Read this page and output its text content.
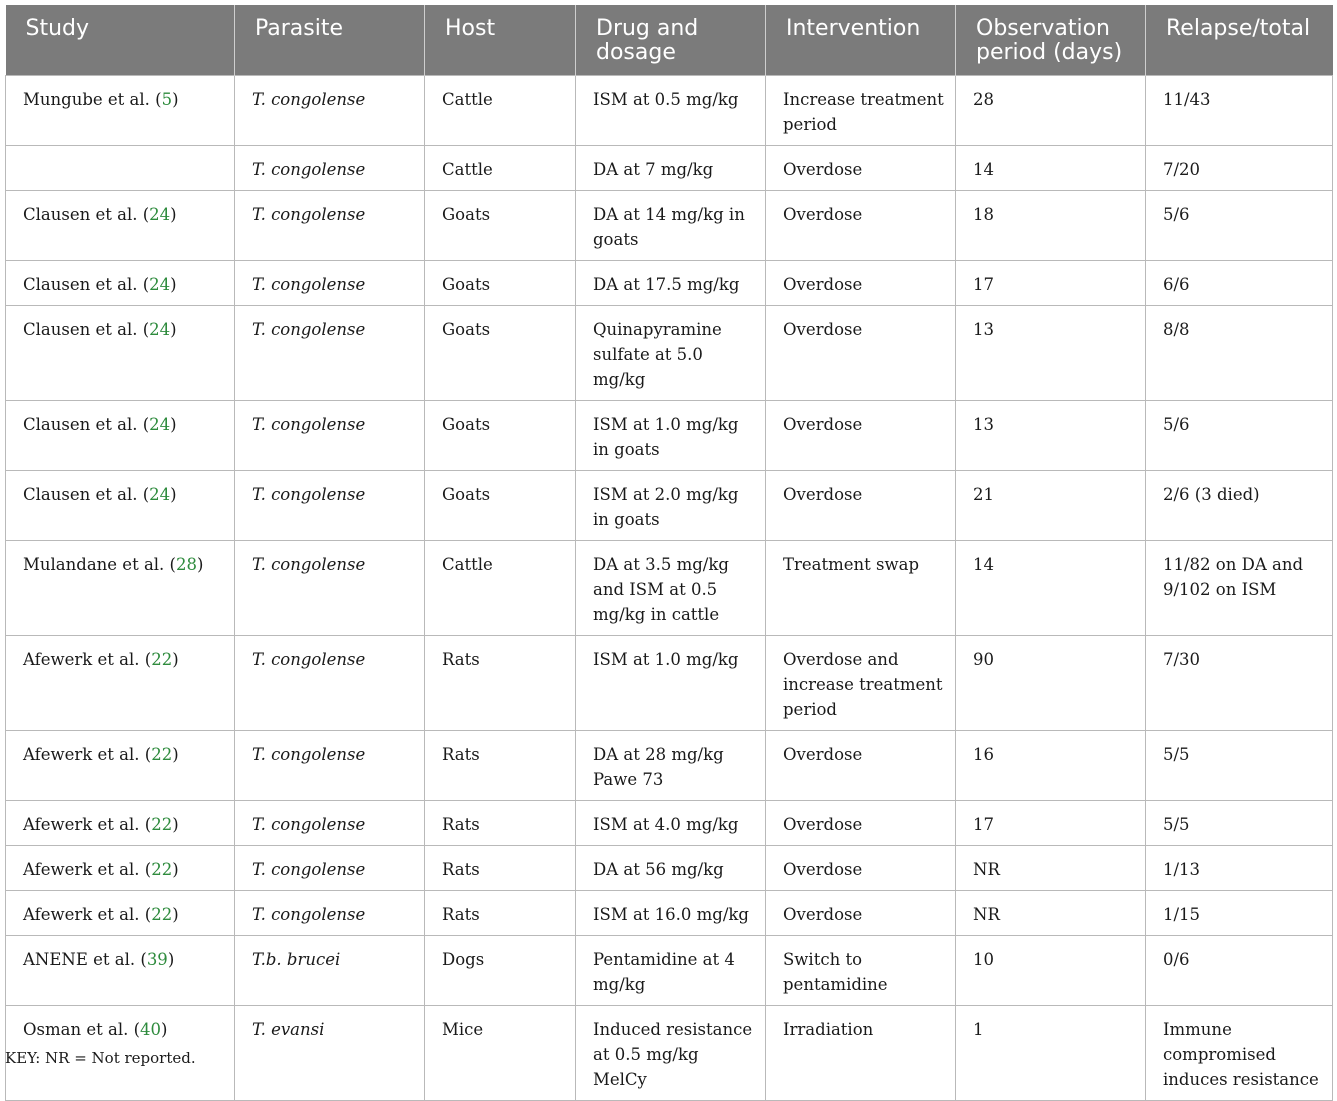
Study	Parasite	Host	Drug and dosage	Intervention	Observation period (days)	Relapse/total
Mungube et al. (5)	T. congolense	Cattle	ISM at 0.5 mg/kg	Increase treatment period	28	11/43
	T. congolense	Cattle	DA at 7 mg/kg	Overdose	14	7/20
Clausen et al. (24)	T. congolense	Goats	DA at 14 mg/kg in goats	Overdose	18	5/6
Clausen et al. (24)	T. congolense	Goats	DA at 17.5 mg/kg	Overdose	17	6/6
Clausen et al. (24)	T. congolense	Goats	Quinapyramine sulfate at 5.0 mg/kg	Overdose	13	8/8
Clausen et al. (24)	T. congolense	Goats	ISM at 1.0 mg/kg in goats	Overdose	13	5/6
Clausen et al. (24)	T. congolense	Goats	ISM at 2.0 mg/kg in goats	Overdose	21	2/6 (3 died)
Mulandane et al. (28)	T. congolense	Cattle	DA at 3.5 mg/kg and ISM at 0.5 mg/kg in cattle	Treatment swap	14	11/82 on DA and 9/102 on ISM
Afewerk et al. (22)	T. congolense	Rats	ISM at 1.0 mg/kg	Overdose and increase treatment period	90	7/30
Afewerk et al. (22)	T. congolense	Rats	DA at 28 mg/kg Pawe 73	Overdose	16	5/5
Afewerk et al. (22)	T. congolense	Rats	ISM at 4.0 mg/kg	Overdose	17	5/5
Afewerk et al. (22)	T. congolense	Rats	DA at 56 mg/kg	Overdose	NR	1/13
Afewerk et al. (22)	T. congolense	Rats	ISM at 16.0 mg/kg	Overdose	NR	1/15
ANENE et al. (39)	T.b. brucei	Dogs	Pentamidine at 4 mg/kg	Switch to pentamidine	10	0/6
Osman et al. (40)	T. evansi	Mice	Induced resistance at 0.5 mg/kg MelCy	Irradiation	1	Immune compromised induces resistance
KEY: NR = Not reported.
